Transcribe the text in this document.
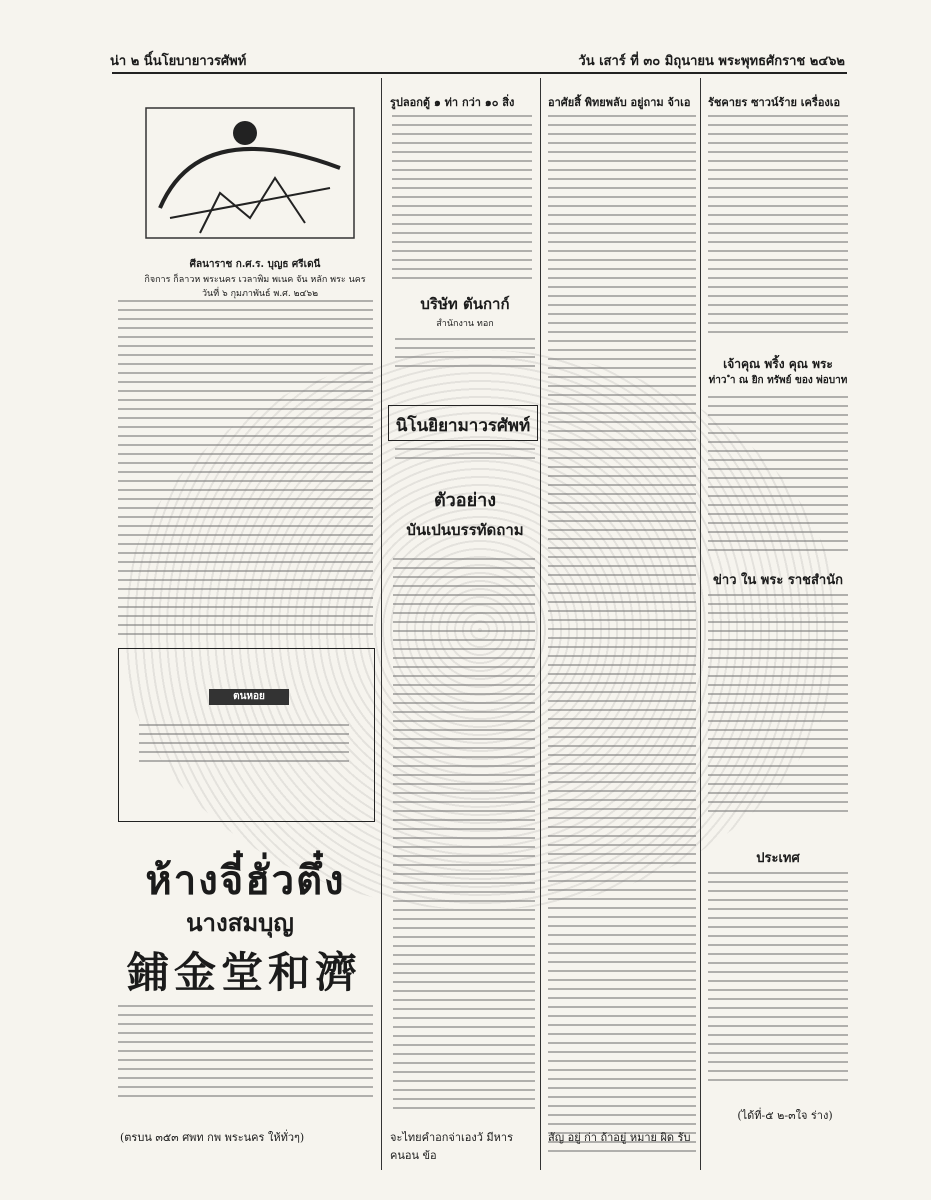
น่า ๒ นิ์นโยบายาวรศัพท์	วัน เสาร์ ที่ ๓๐ มิถุนายน พระพุทธศักราช ๒๔๖๒
ศีลนาราช ก.ศ.ร. บุญธ ศรีเดนี
กิจการ ก็ลาวห พระนคร เวลาพิม พเนค จัน หลัก พระ นคร
วันที่ ๖ กุมภาพันธ์ พ.ศ. ๒๔๖๒
ตนหอย
ห้างจี๋ฮั่วตึ๋ง
นางสมบุญ
鋪金堂和濟
(ตรบน ๓๕๓ ศพท กพ พระนคร ให้ทั่วๆ)
รูปลอกตู้ ๑ ท่า กว่า ๑๐ สิ่ง
บริษัท ตันกาก์
สำนักงาน ทอก
นิโนยิยามาวรศัพท์
ตัวอย่าง
บันเปนบรรทัดถาม
จะไทยคำอกจ่าเองวั มีหารคนอน ข้อ
อาศัยสิ้ พิทยพลับ อยู่ถาม จ้าเอ
สัญ อยู่ ก่า ถ้าอยู่ หมาย ผิด รับ
รัชคายร ซาวน์ร้าย เครื่องเอ
เจ้าคุณ พริ้ง คุณ พระ
ท่าว ำ ณ ยิก ทรัพย์ ของ พ่อบาท
ข่าว ใน พระ ราชสำนัก
ประเทศ
(ได้ที่-๕ ๒-๓ใจ ร่าง)
